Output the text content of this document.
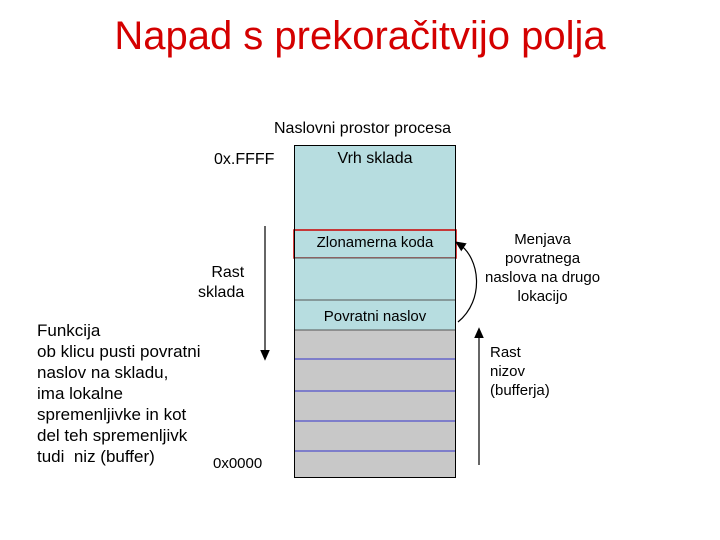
Napad s prekoračitvijo polja
Naslovni prostor procesa
0x.FFFF
0x0000
Rast
sklada
Funkcija
ob klicu pusti povratni
naslov na skladu,
ima lokalne
spremenljivke in kot
del teh spremenljivk
tudi  niz (buffer)
Menjava
povratnega
naslova na drugo
lokacijo
Rast
nizov
(bufferja)
Vrh sklada
Zlonamerna koda
Povratni naslov
